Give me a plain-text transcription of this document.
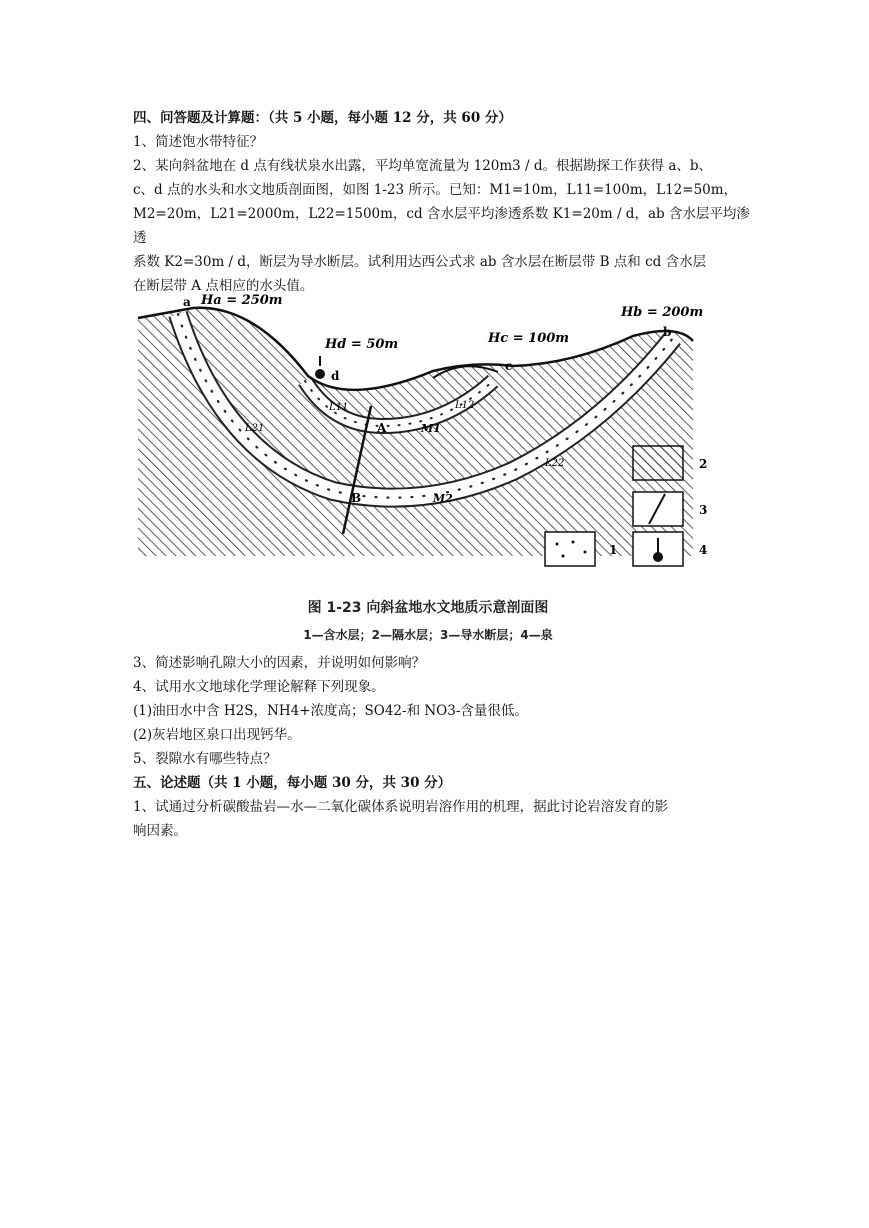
四、问答题及计算题：（共 5 小题，每小题 12 分，共 60 分）

1、简述饱水带特征？

2、某向斜盆地在 d 点有线状泉水出露，平均单宽流量为 120m3 / d。根据勘探工作获得 a、b、

c、d 点的水头和水文地质剖面图，如图 1-23 所示。已知：M1=10m，L11=100m，L12=50m，

M2=20m，L21=2000m，L22=1500m，cd 含水层平均渗透系数 K1=20m / d，ab 含水层平均渗透

系数 K2=30m / d，断层为导水断层。试利用达西公式求 ab 含水层在断层带 B 点和 cd 含水层

在断层带 A 点相应的水头值。

a Ha = 250m
Hb = 200m
b
Hd = 50m
d
Hc = 100m
c
A
B
M1
M2
L11	L12
L21
L22	2
3
1	4
图 1-23 向斜盆地水文地质示意剖面图
1—含水层；2—隔水层；3—导水断层；4—泉

3、简述影响孔隙大小的因素，并说明如何影响？

4、试用水文地球化学理论解释下列现象。

(1)油田水中含 H2S，NH4+浓度高；SO42-和 NO3-含量很低。

(2)灰岩地区泉口出现钙华。

5、裂隙水有哪些特点？

五、论述题（共 1 小题，每小题 30 分，共 30 分）

1、试通过分析碳酸盐岩—水—二氧化碳体系说明岩溶作用的机理，据此讨论岩溶发育的影

响因素。
